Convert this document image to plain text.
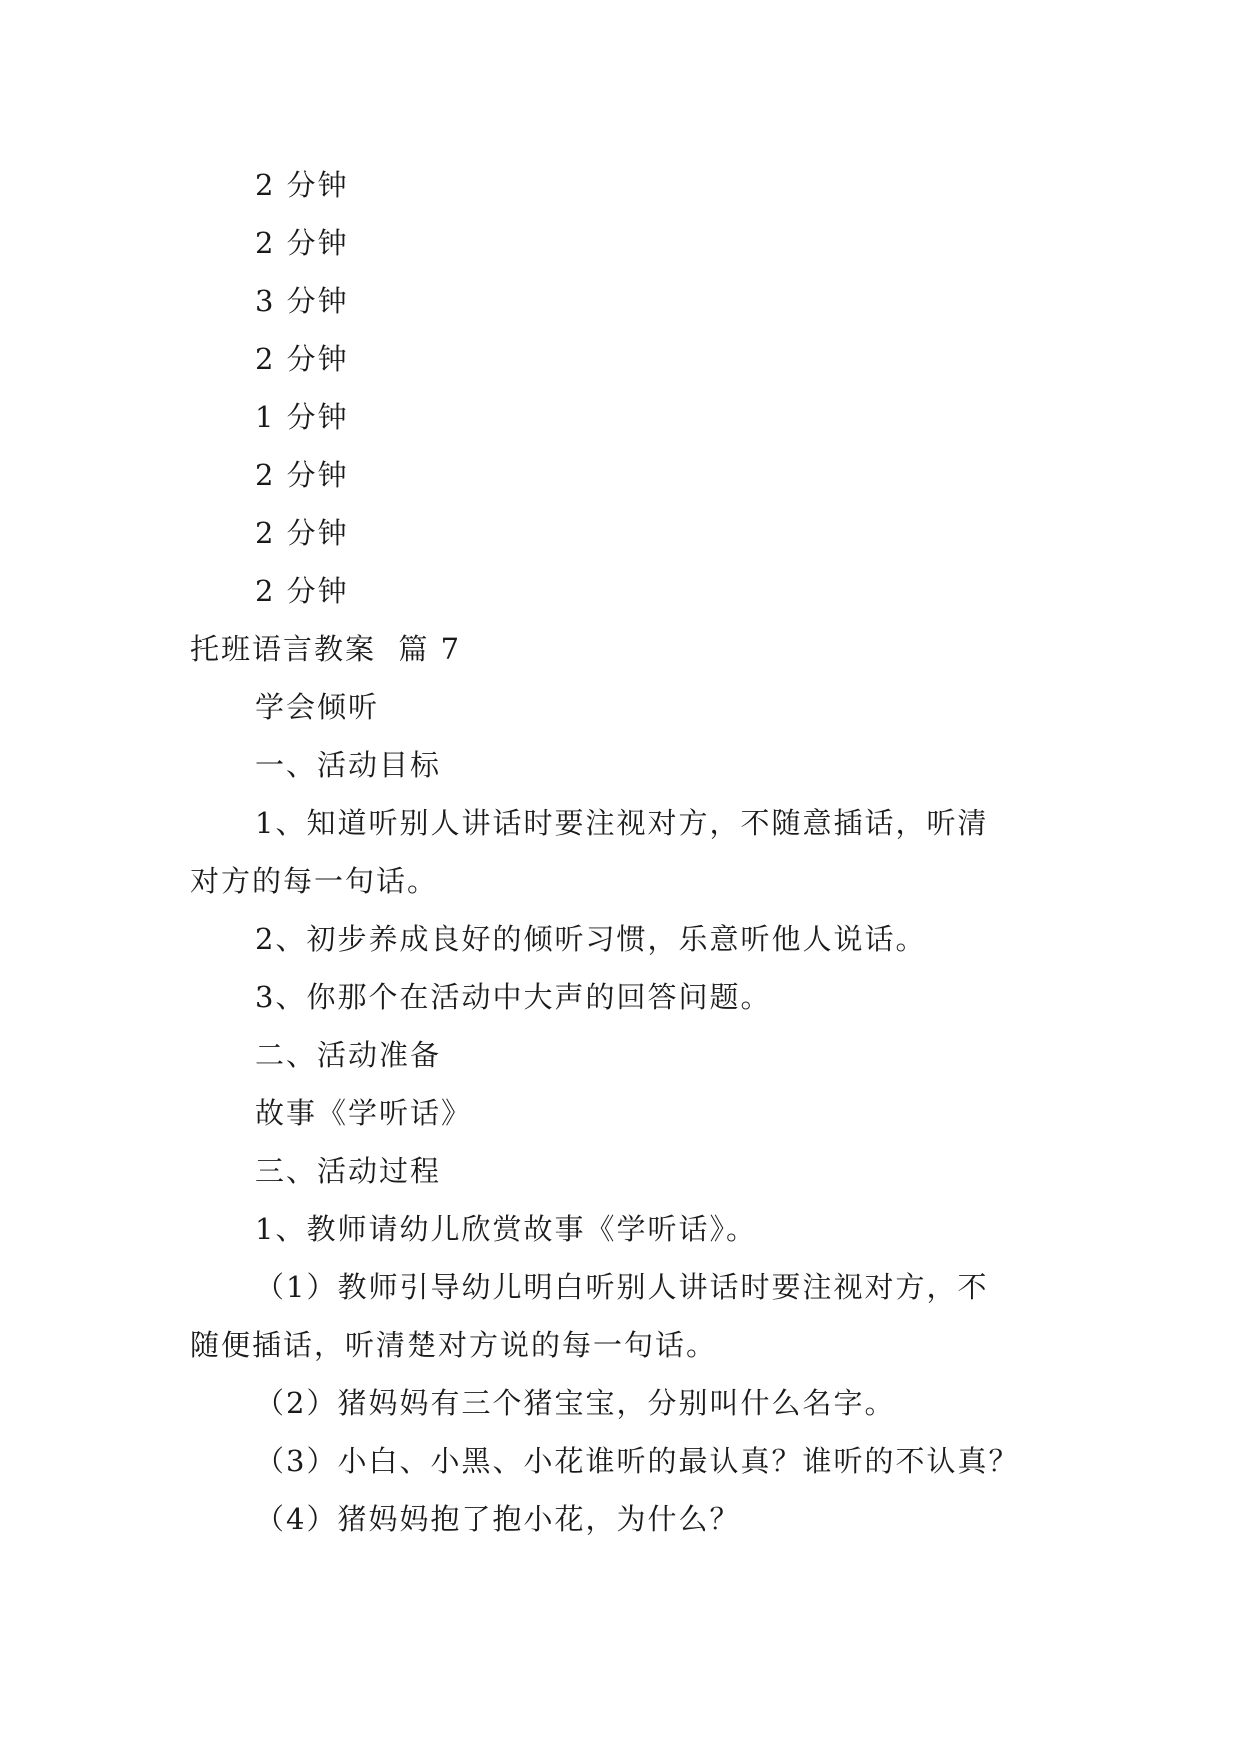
2 分钟
2 分钟
3 分钟
2 分钟
1 分钟
2 分钟
2 分钟
2 分钟
托班语言教案  篇 7
学会倾听
一、活动目标
1、知道听别人讲话时要注视对方，不随意插话，听清
对方的每一句话。
2、初步养成良好的倾听习惯，乐意听他人说话。
3、你那个在活动中大声的回答问题。
二、活动准备
故事《学听话》
三、活动过程
1、教师请幼儿欣赏故事《学听话》。
（1）教师引导幼儿明白听别人讲话时要注视对方，不
随便插话，听清楚对方说的每一句话。
（2）猪妈妈有三个猪宝宝，分别叫什么名字。
（3）小白、小黑、小花谁听的最认真？谁听的不认真？
（4）猪妈妈抱了抱小花，为什么？
